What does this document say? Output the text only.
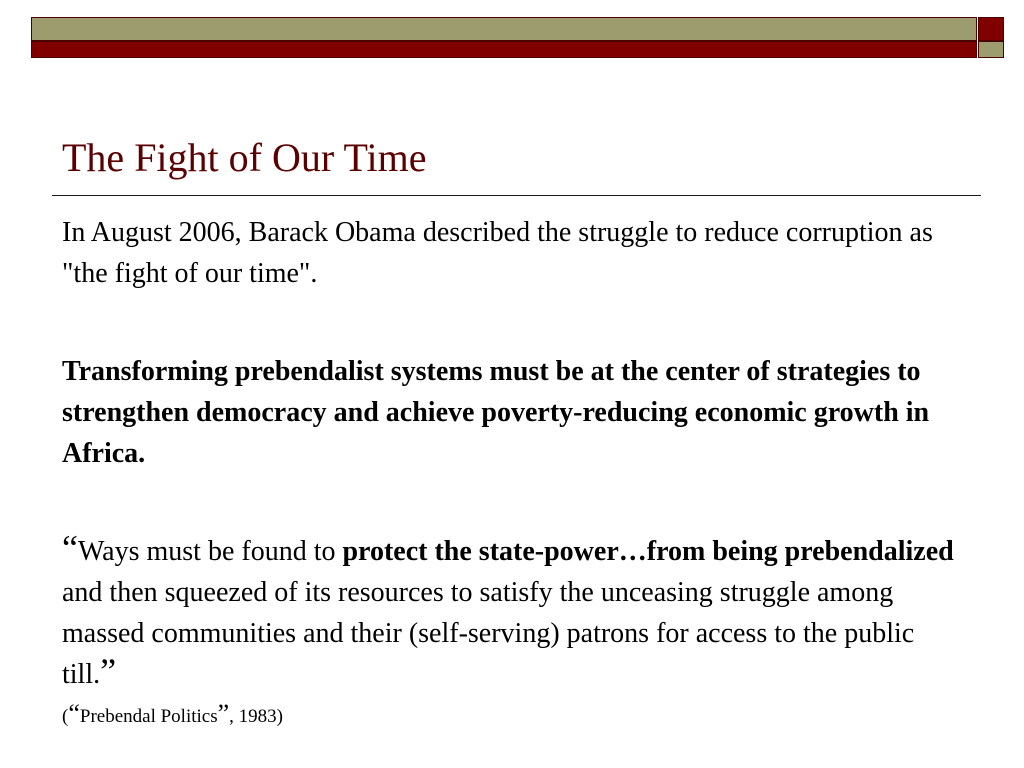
The Fight of Our Time

In August 2006, Barack Obama described the struggle to reduce corruption as "the fight of our time".

Transforming prebendalist systems must be at the center of strategies to strengthen democracy and achieve poverty-reducing economic growth in Africa.

“Ways must be found to protect the state-power…from being prebendalized and then squeezed of its resources to satisfy the unceasing struggle among massed communities and their (self-serving) patrons for access to the public till.”

(“Prebendal Politics”, 1983)
